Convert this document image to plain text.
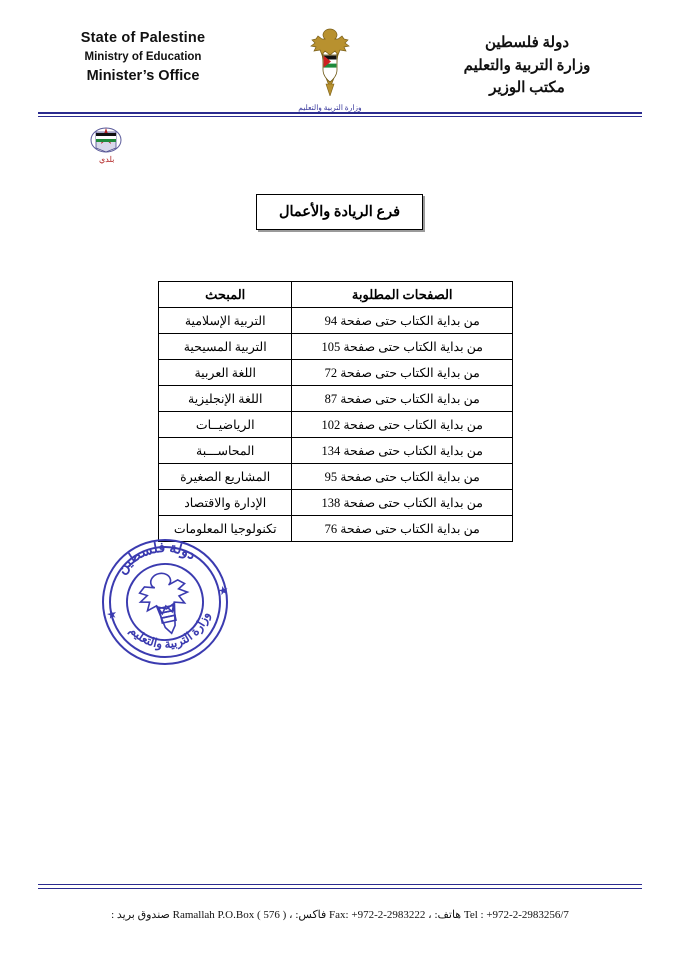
State of Palestine
Ministry of Education
Minister’s Office
وزارة التربية والتعليم
دولة فلسطين
وزارة التربية والتعليم
مكتب الوزير
بلدي
فرع الريادة والأعمال
الصفحات المطلوبة	المبحث
من بداية الكتاب حتى صفحة 94	التربية الإسلامية
من بداية الكتاب حتى صفحة 105	التربية المسيحية
من بداية الكتاب حتى صفحة 72	اللغة العربية
من بداية الكتاب حتى صفحة 87	اللغة الإنجليزية
من بداية الكتاب حتى صفحة 102	الرياضيــات
من بداية الكتاب حتى صفحة 134	المحاســـبة
من بداية الكتاب حتى صفحة 95	المشاريع الصغيرة
من بداية الكتاب حتى صفحة 138	الإدارة والاقتصاد
من بداية الكتاب حتى صفحة 76	تكنولوجيا المعلومات
دولة فلسطين
وزارة التربية والتعليم
★
★
Tel : +972-2-2983256/7 هاتف: ، Fax: +972-2-2983222 فاكس: ، Ramallah P.O.Box ( 576 ) صندوق بريد :
